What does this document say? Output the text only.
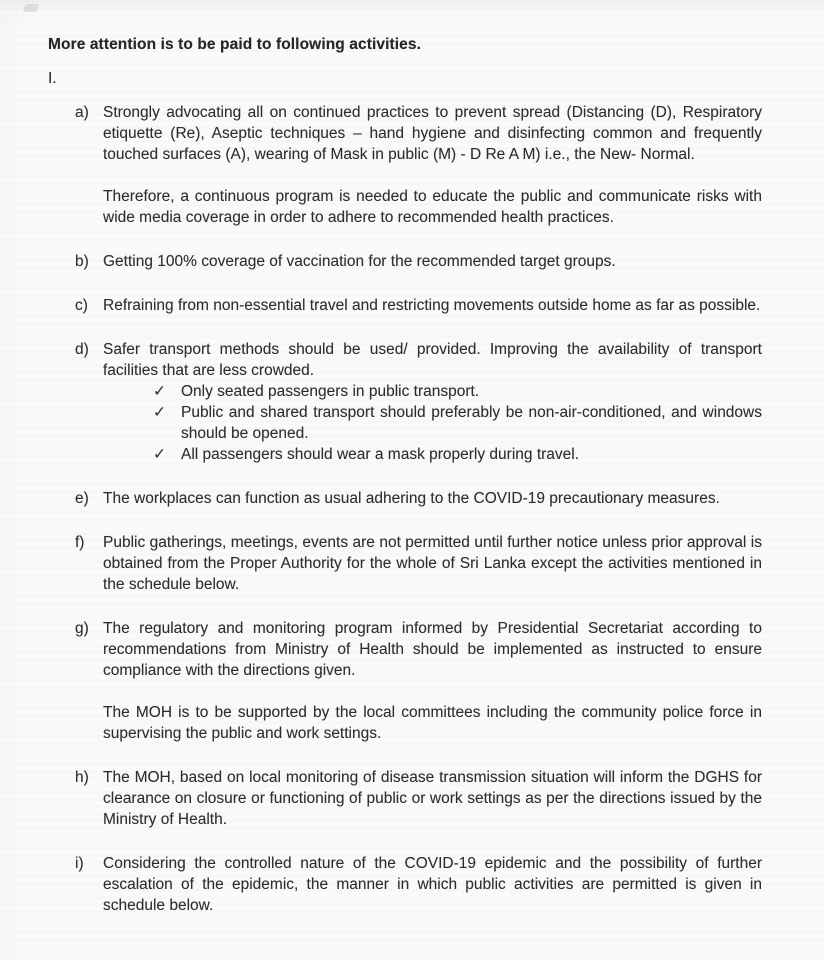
More attention is to be paid to following activities.
I.
a) Strongly advocating all on continued practices to prevent spread (Distancing (D), Respiratory etiquette (Re), Aseptic techniques – hand hygiene and disinfecting common and frequently touched surfaces (A), wearing of Mask in public (M) - D Re A M) i.e., the New- Normal.

Therefore, a continuous program is needed to educate the public and communicate risks with wide media coverage in order to adhere to recommended health practices.

b) Getting 100% coverage of vaccination for the recommended target groups.

c) Refraining from non-essential travel and restricting movements outside home as far as possible.

d) Safer transport methods should be used/ provided. Improving the availability of transport facilities that are less crowded.

✓ Only seated passengers in public transport.
✓ Public and shared transport should preferably be non-air-conditioned, and windows should be opened.
✓ All passengers should wear a mask properly during travel.
e) The workplaces can function as usual adhering to the COVID-19 precautionary measures.

f)	Public gatherings, meetings, events are not permitted until further notice unless prior approval is obtained from the Proper Authority for the whole of Sri Lanka except the activities mentioned in the schedule below.

g) The regulatory and monitoring program informed by Presidential Secretariat according to recommendations from Ministry of Health should be implemented as instructed to ensure compliance with the directions given.

The MOH is to be supported by the local committees including the community police force in supervising the public and work settings.

h) The MOH, based on local monitoring of disease transmission situation will inform the DGHS for clearance on closure or functioning of public or work settings as per the directions issued by the Ministry of Health.

i)	Considering the controlled nature of the COVID-19 epidemic and the possibility of further escalation of the epidemic, the manner in which public activities are permitted is given in schedule below.
